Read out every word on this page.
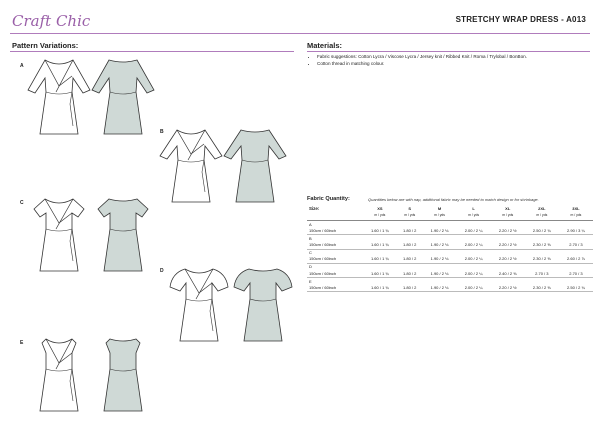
Craft Chic	STRETCHY WRAP DRESS - A013
Pattern Variations:	Materials:
A
B
C
D
E
• Fabric suggestions: Cotton Lycra / Viscose Lycra / Jersey knit / Ribbed Knit / Roma / Trylobal / BonBon.
• Cotton thread in matching colour.
Fabric Quantity:	Quantities below are with nap, additional fabric may be needed to match design or for shrinkage.
Size:	XS	S	M	L	XL	2XL	3XL
	m / yds	m / yds	m / yds	m / yds	m / yds	m / yds	m / yds
A							
150cm / 60inch	1.60 / 1 ¾	1.80 / 2	1.90 / 2 ⅛	2.00 / 2 ¼	2.20 / 2 ½	2.50 / 2 ¾	2.90 / 3 ¼
B							
150cm / 60inch	1.60 / 1 ¾	1.80 / 2	1.90 / 2 ⅛	2.00 / 2 ¼	2.20 / 2 ½	2.30 / 2 ⅝	2.70 / 3
C							
150cm / 60inch	1.60 / 1 ¾	1.80 / 2	1.90 / 2 ⅛	2.00 / 2 ¼	2.20 / 2 ½	2.30 / 2 ⅝	2.60 / 2 ⅞
D							
150cm / 60inch	1.60 / 1 ¾	1.80 / 2	1.90 / 2 ⅛	2.00 / 2 ¼	2.40 / 2 ⅝	2.70 / 3	2.70 / 3
E							
150cm / 60inch	1.60 / 1 ¾	1.80 / 2	1.90 / 2 ⅛	2.00 / 2 ¼	2.20 / 2 ½	2.30 / 2 ⅝	2.50 / 2 ¾
